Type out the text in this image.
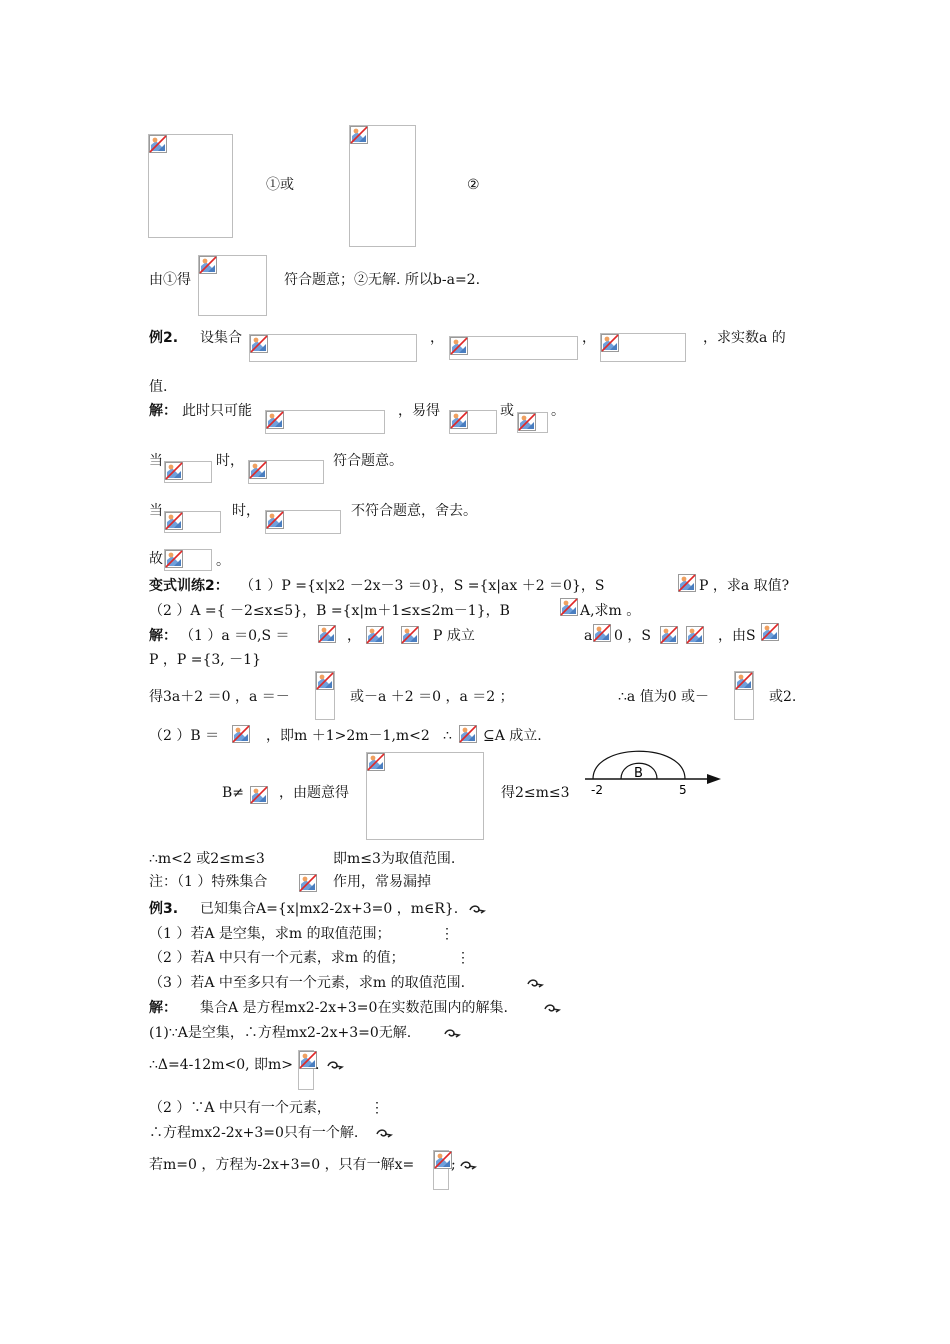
①或	②
由①得	符合题意；②无解. 所以b-a=2.
例2. 设集合	，	，	，求实数a 的
值.
解： 此时只可能	，易得	或	。
当	时，	符合题意。
当	时，	不符合题意，舍去。
故	。
变式训练2： （1 ）P ={x|x2 －2x－3 ＝0}，S ={x|ax ＋2 ＝0}，S	P ，求a 取值?
（2 ）A ={ －2≤x≤5}，B ={x|m＋1≤x≤2m－1}，B	A,求m 。
解： （1 ）a ＝0,S ＝	，	P 成立	a 0 ，S	，由S
P ，P ={3, －1}
得3a＋2 ＝0 ，a ＝－	或－a ＋2 ＝0 ，a ＝2 ；	∴a 值为0 或－	或2.
（2 ）B ＝	，即m ＋1>2m－1,m<2 ∴ ⊆A 成立.
B≠ ，由题意得	得2≤m≤3
B
-2	5
∴m<2 或2≤m≤3	即m≤3为取值范围.
注：（1 ）特殊集合	作用，常易漏掉
例3. 已知集合A={x|mx2-2x+3=0 ，m∈R}.
（1 ）若A 是空集，求m 的取值范围；	⋮
（2 ）若A 中只有一个元素，求m 的值；	⋮
（3 ）若A 中至多只有一个元素，求m 的取值范围.
解： 集合A 是方程mx2-2x+3=0在实数范围内的解集.
(1)∵A是空集，∴方程mx2-2x+3=0无解.
∴Δ=4-12m<0, 即m> .
（2 ）∵A 中只有一个元素，	⋮
∴方程mx2-2x+3=0只有一个解.
若m=0 ，方程为-2x+3=0 ，只有一解x=	;
